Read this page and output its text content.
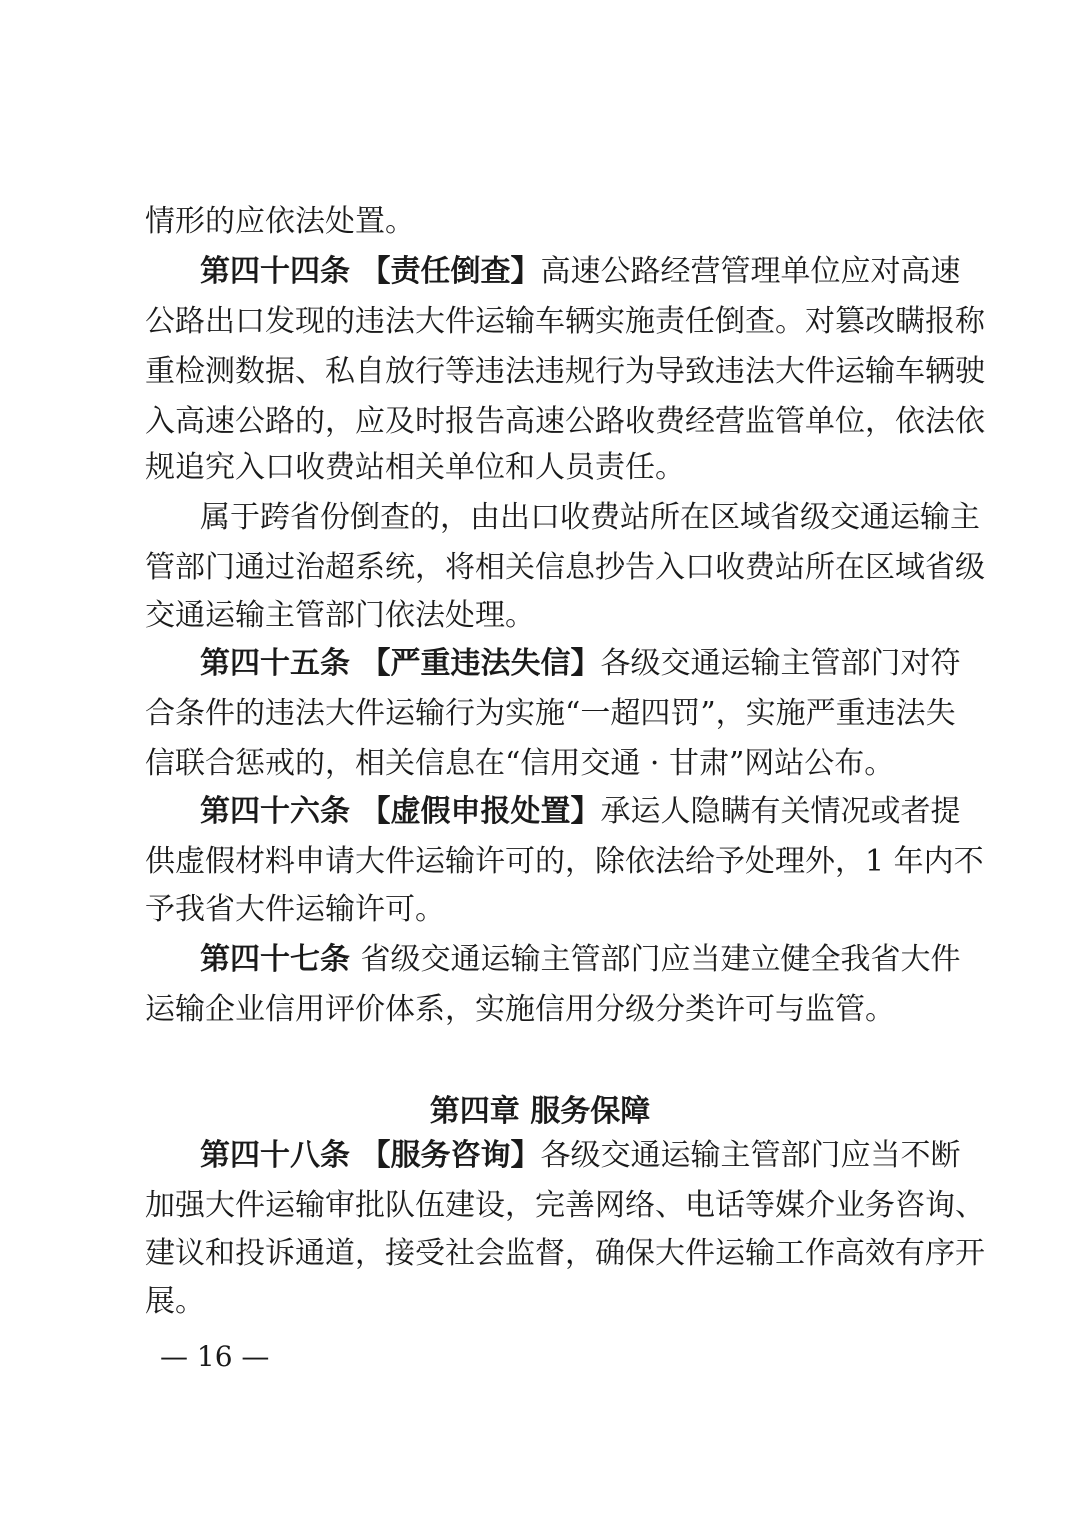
情形的应依法处置。
第四十四条 【责任倒查】高速公路经营管理单位应对高速
公路出口发现的违法大件运输车辆实施责任倒查。对篡改瞒报称
重检测数据、私自放行等违法违规行为导致违法大件运输车辆驶
入高速公路的，应及时报告高速公路收费经营监管单位，依法依
规追究入口收费站相关单位和人员责任。
属于跨省份倒查的，由出口收费站所在区域省级交通运输主
管部门通过治超系统，将相关信息抄告入口收费站所在区域省级
交通运输主管部门依法处理。
第四十五条 【严重违法失信】各级交通运输主管部门对符
合条件的违法大件运输行为实施“一超四罚”，实施严重违法失
信联合惩戒的，相关信息在“信用交通 · 甘肃”网站公布。
第四十六条 【虚假申报处置】承运人隐瞒有关情况或者提
供虚假材料申请大件运输许可的，除依法给予处理外，1 年内不
予我省大件运输许可。
第四十七条 省级交通运输主管部门应当建立健全我省大件
运输企业信用评价体系，实施信用分级分类许可与监管。
第四章 服务保障
第四十八条 【服务咨询】各级交通运输主管部门应当不断
加强大件运输审批队伍建设，完善网络、电话等媒介业务咨询、
建议和投诉通道，接受社会监督，确保大件运输工作高效有序开
展。
— 16 —
